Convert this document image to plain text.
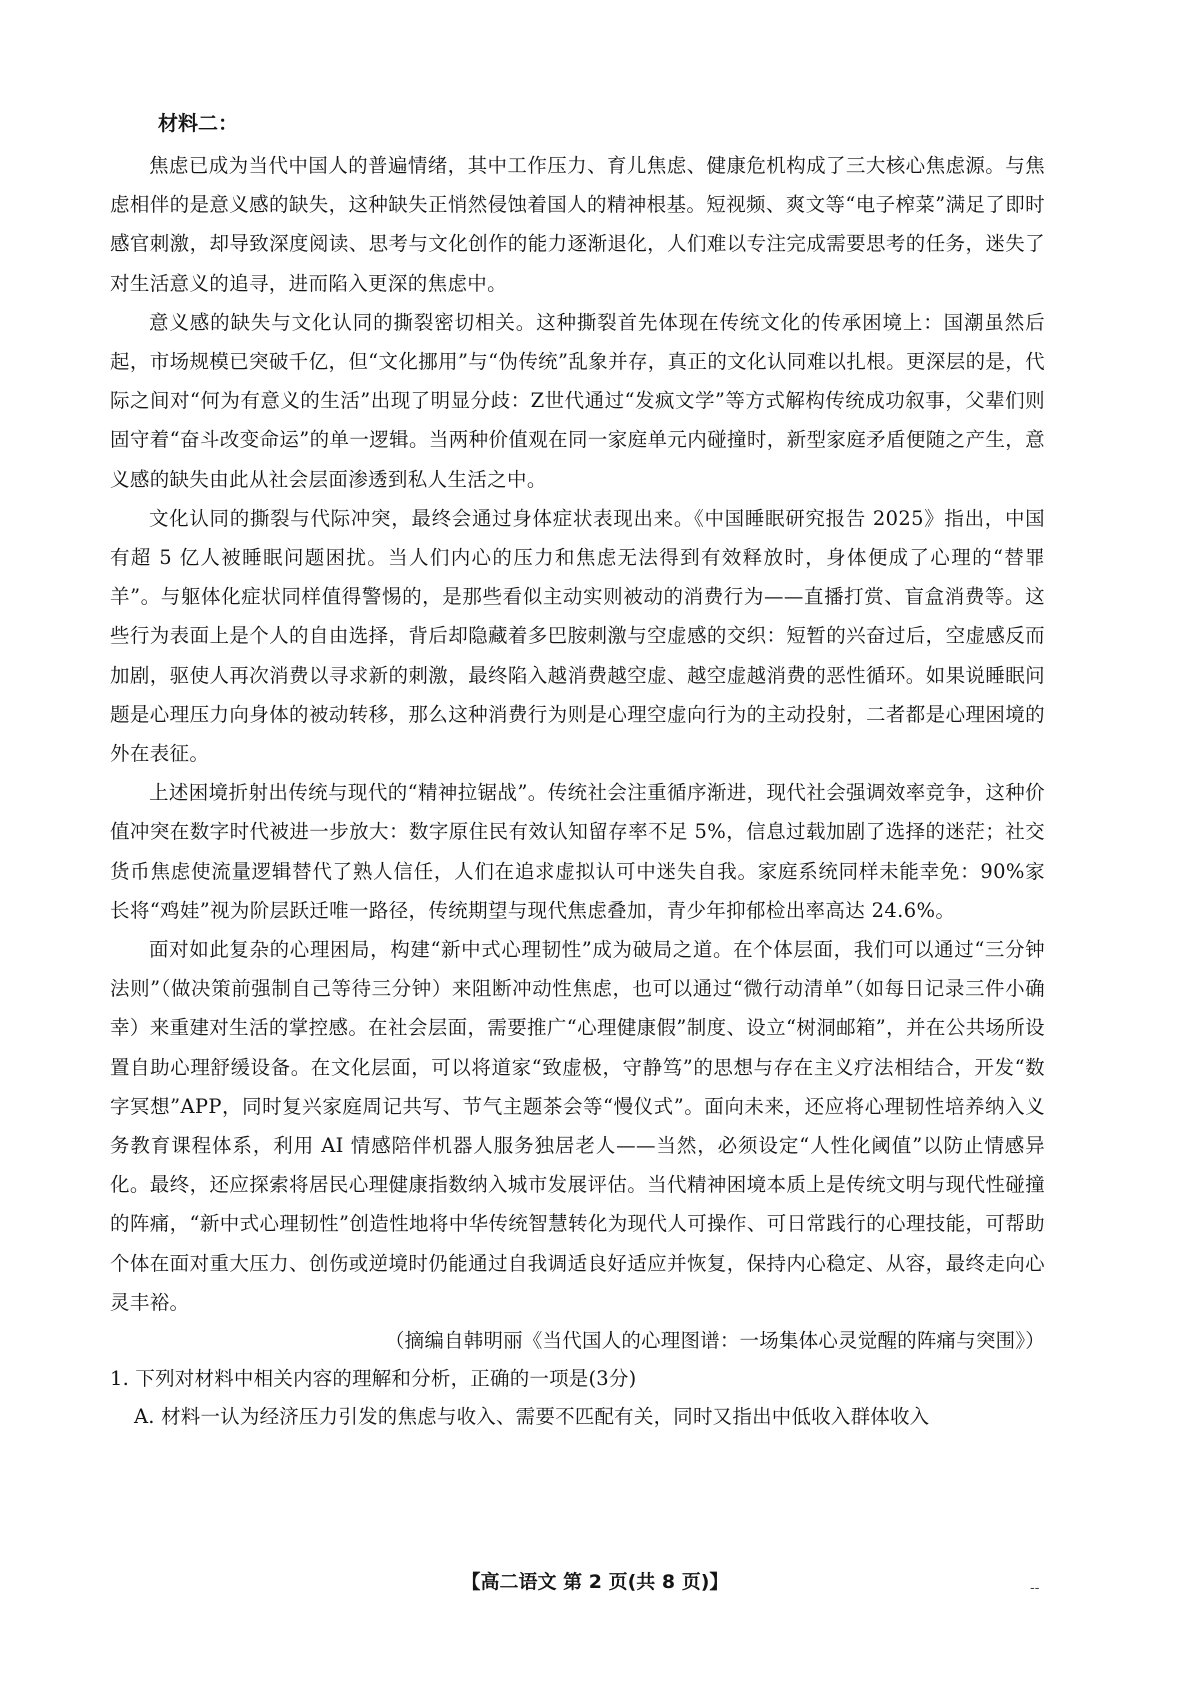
材料二：

焦虑已成为当代中国人的普遍情绪，其中工作压力、育儿焦虑、健康危机构成了三大核心焦虑源。与焦虑相伴的是意义感的缺失，这种缺失正悄然侵蚀着国人的精神根基。短视频、爽文等“电子榨菜”满足了即时感官刺激，却导致深度阅读、思考与文化创作的能力逐渐退化，人们难以专注完成需要思考的任务，迷失了对生活意义的追寻，进而陷入更深的焦虑中。

意义感的缺失与文化认同的撕裂密切相关。这种撕裂首先体现在传统文化的传承困境上：国潮虽然后起，市场规模已突破千亿，但“文化挪用”与“伪传统”乱象并存，真正的文化认同难以扎根。更深层的是，代际之间对“何为有意义的生活”出现了明显分歧：Z世代通过“发疯文学”等方式解构传统成功叙事，父辈们则固守着“奋斗改变命运”的单一逻辑。当两种价值观在同一家庭单元内碰撞时，新型家庭矛盾便随之产生，意义感的缺失由此从社会层面渗透到私人生活之中。

文化认同的撕裂与代际冲突，最终会通过身体症状表现出来。《中国睡眠研究报告 2025》指出，中国有超 5 亿人被睡眠问题困扰。当人们内心的压力和焦虑无法得到有效释放时，身体便成了心理的“替罪羊”。与躯体化症状同样值得警惕的，是那些看似主动实则被动的消费行为——直播打赏、盲盒消费等。这些行为表面上是个人的自由选择，背后却隐藏着多巴胺刺激与空虚感的交织：短暂的兴奋过后，空虚感反而加剧，驱使人再次消费以寻求新的刺激，最终陷入越消费越空虚、越空虚越消费的恶性循环。如果说睡眠问题是心理压力向身体的被动转移，那么这种消费行为则是心理空虚向行为的主动投射，二者都是心理困境的外在表征。

上述困境折射出传统与现代的“精神拉锯战”。传统社会注重循序渐进，现代社会强调效率竞争，这种价值冲突在数字时代被进一步放大：数字原住民有效认知留存率不足 5%，信息过载加剧了选择的迷茫；社交货币焦虑使流量逻辑替代了熟人信任，人们在追求虚拟认可中迷失自我。家庭系统同样未能幸免：90%家长将“鸡娃”视为阶层跃迁唯一路径，传统期望与现代焦虑叠加，青少年抑郁检出率高达 24.6%。

面对如此复杂的心理困局，构建“新中式心理韧性”成为破局之道。在个体层面，我们可以通过“三分钟法则”（做决策前强制自己等待三分钟）来阻断冲动性焦虑，也可以通过“微行动清单”（如每日记录三件小确幸）来重建对生活的掌控感。在社会层面，需要推广“心理健康假”制度、设立“树洞邮箱”，并在公共场所设置自助心理舒缓设备。在文化层面，可以将道家“致虚极，守静笃”的思想与存在主义疗法相结合，开发“数字冥想”APP，同时复兴家庭周记共写、节气主题茶会等“慢仪式”。面向未来，还应将心理韧性培养纳入义务教育课程体系，利用 AI 情感陪伴机器人服务独居老人——当然，必须设定“人性化阈值”以防止情感异化。最终，还应探索将居民心理健康指数纳入城市发展评估。当代精神困境本质上是传统文明与现代性碰撞的阵痛，“新中式心理韧性”创造性地将中华传统智慧转化为现代人可操作、可日常践行的心理技能，可帮助个体在面对重大压力、创伤或逆境时仍能通过自我调适良好适应并恢复，保持内心稳定、从容，最终走向心灵丰裕。

（摘编自韩明丽《当代国人的心理图谱：一场集体心灵觉醒的阵痛与突围》）

1. 下列对材料中相关内容的理解和分析，正确的一项是(3分)

A. 材料一认为经济压力引发的焦虑与收入、需要不匹配有关，同时又指出中低收入群体收入

【高二语文 第 2 页(共 8 页)】	--
